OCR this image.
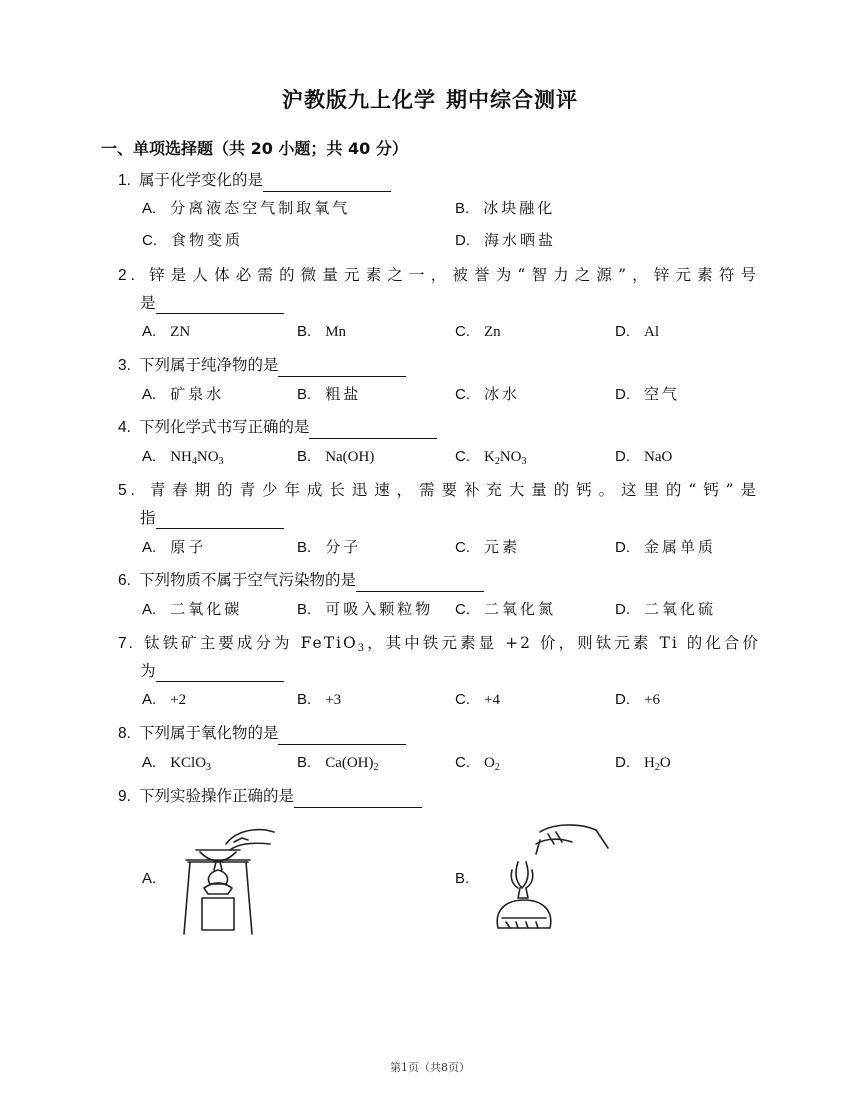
沪教版九上化学 期中综合测评
一、单项选择题（共 20 小题；共 40 分）
1. 属于化学变化的是
A. 分离液态空气制取氧气	B. 冰块融化
C. 食物变质	D. 海水晒盐
2. 锌是人体必需的微量元素之一，被誉为“智力之源”，锌元素符号
是
A. ZN	B. Mn	C. Zn	D. Al
3. 下列属于纯净物的是
A. 矿泉水	B. 粗盐	C. 冰水	D. 空气
4. 下列化学式书写正确的是
A. $NH_4NO_3$	B. Na(OH)	C. $K_2NO_3$	D. NaO
5. 青春期的青少年成长迅速，需要补充大量的钙。这里的“钙”是
指
A. 原子	B. 分子	C. 元素	D. 金属单质
6. 下列物质不属于空气污染物的是
A. 二氧化碳	B. 可吸入颗粒物 C. 二氧化氮	D. 二氧化硫
7. 钛铁矿主要成分为 FeTiO$_3$，其中铁元素显 +2 价，则钛元素 Ti 的化合价
为
A. +2	B. +3	C. +4	D. +6
8. 下列属于氧化物的是
A. KClO$_3$	B. $Ca(OH)_2$	C. $O_2$	D. $H_2O$
9. 下列实验操作正确的是
A.	B.
第1页（共8页）
